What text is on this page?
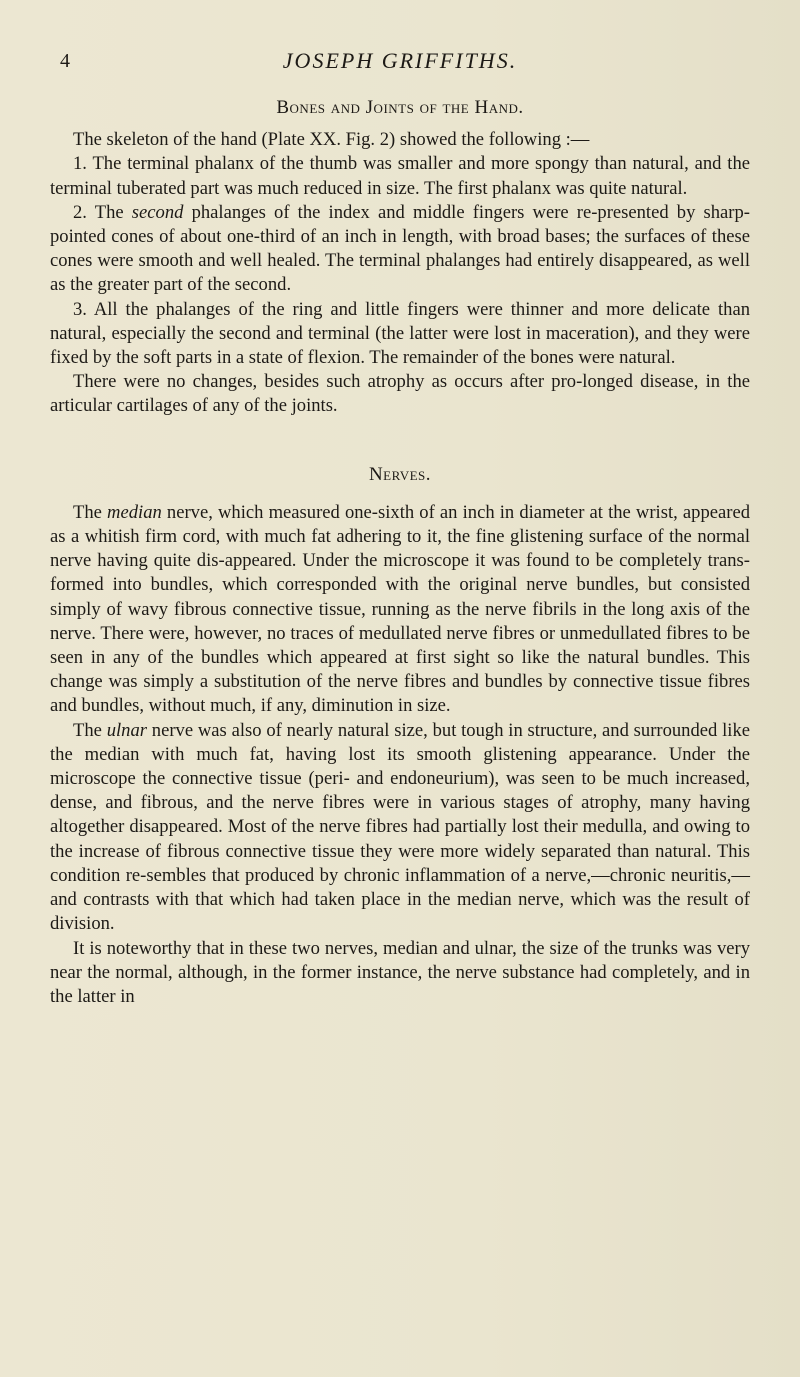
4	JOSEPH GRIFFITHS.
Bones and Joints of the Hand.

The skeleton of the hand (Plate XX. Fig. 2) showed the following :—

1. The terminal phalanx of the thumb was smaller and more spongy than natural, and the terminal tuberated part was much reduced in size. The first phalanx was quite natural.

2. The second phalanges of the index and middle fingers were re-presented by sharp-pointed cones of about one-third of an inch in length, with broad bases; the surfaces of these cones were smooth and well healed. The terminal phalanges had entirely disappeared, as well as the greater part of the second.

3. All the phalanges of the ring and little fingers were thinner and more delicate than natural, especially the second and terminal (the latter were lost in maceration), and they were fixed by the soft parts in a state of flexion. The remainder of the bones were natural.

There were no changes, besides such atrophy as occurs after pro-longed disease, in the articular cartilages of any of the joints.

Nerves.

The median nerve, which measured one-sixth of an inch in diameter at the wrist, appeared as a whitish firm cord, with much fat adhering to it, the fine glistening surface of the normal nerve having quite dis-appeared. Under the microscope it was found to be completely trans-formed into bundles, which corresponded with the original nerve bundles, but consisted simply of wavy fibrous connective tissue, running as the nerve fibrils in the long axis of the nerve. There were, however, no traces of medullated nerve fibres or unmedullated fibres to be seen in any of the bundles which appeared at first sight so like the natural bundles. This change was simply a substitution of the nerve fibres and bundles by connective tissue fibres and bundles, without much, if any, diminution in size.

The ulnar nerve was also of nearly natural size, but tough in structure, and surrounded like the median with much fat, having lost its smooth glistening appearance. Under the microscope the connective tissue (peri- and endoneurium), was seen to be much increased, dense, and fibrous, and the nerve fibres were in various stages of atrophy, many having altogether disappeared. Most of the nerve fibres had partially lost their medulla, and owing to the increase of fibrous connective tissue they were more widely separated than natural. This condition re-sembles that produced by chronic inflammation of a nerve,—chronic neuritis,—and contrasts with that which had taken place in the median nerve, which was the result of division.

It is noteworthy that in these two nerves, median and ulnar, the size of the trunks was very near the normal, although, in the former instance, the nerve substance had completely, and in the latter in
